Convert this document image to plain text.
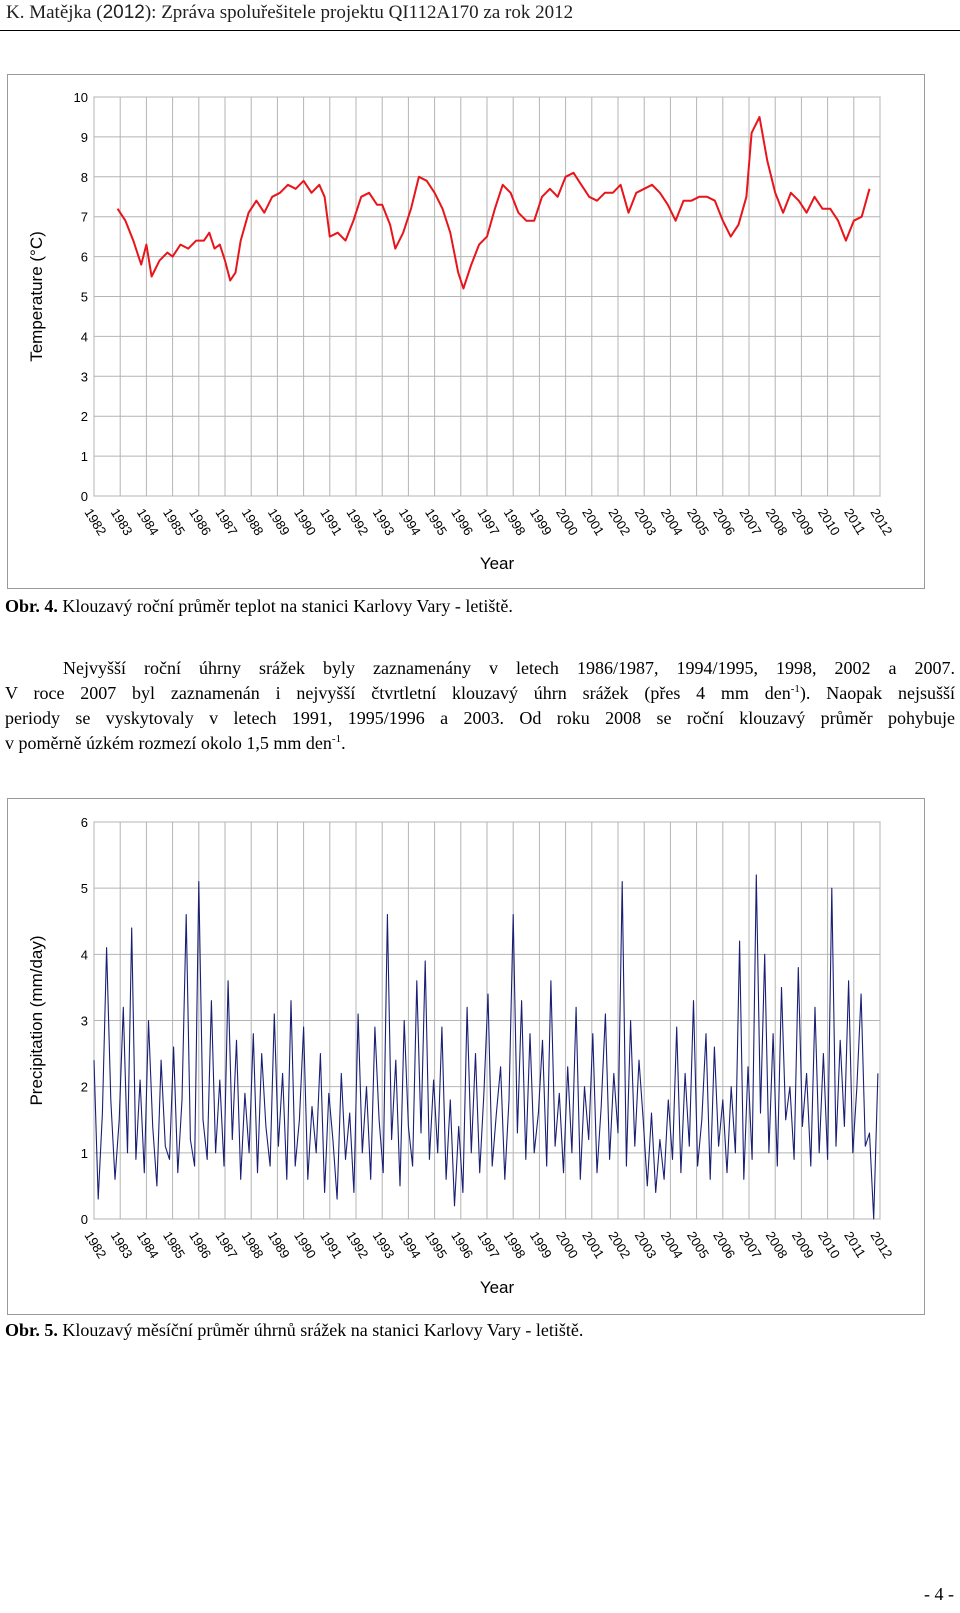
K. Matějka (2012): Zpráva spoluřešitele projektu QI112A170 za rok 2012
0
1
2
3
4
5
6
7
8
9
10
1982
1983
1984
1985
1986
1987
1988
1989
1990
1991
1992
1993
1994
1995
1996
1997
1998
1999
2000
2001
2002
2003
2004
2005
2006
2007
2008
2009
2010
2011
2012
Year
Temperature (°C)
Obr. 4. Klouzavý roční průměr teplot na stanici Karlovy Vary - letiště.
Nejvyšší roční úhrny srážek byly zaznamenány v letech 1986/1987, 1994/1995, 1998, 2002 a 2007.
V roce 2007 byl zaznamenán i nejvyšší čtvrtletní klouzavý úhrn srážek (přes 4 mm den$^{-1}$). Naopak nejsušší
periody se vyskytovaly v letech 1991, 1995/1996 a 2003. Od roku 2008 se roční klouzavý průměr pohybuje
v poměrně úzkém rozmezí okolo 1,5 mm den$^{-1}$.
0
1
2
3
4
5
6
1982
1983
1984
1985
1986
1987
1988
1989
1990
1991
1992
1993
1994
1995
1996
1997
1998
1999
2000
2001
2002
2003
2004
2005
2006
2007
2008
2009
2010
2011
2012
Year
Precipitation (mm/day)
Obr. 5. Klouzavý měsíční průměr úhrnů srážek na stanici Karlovy Vary - letiště.
- 4 -
